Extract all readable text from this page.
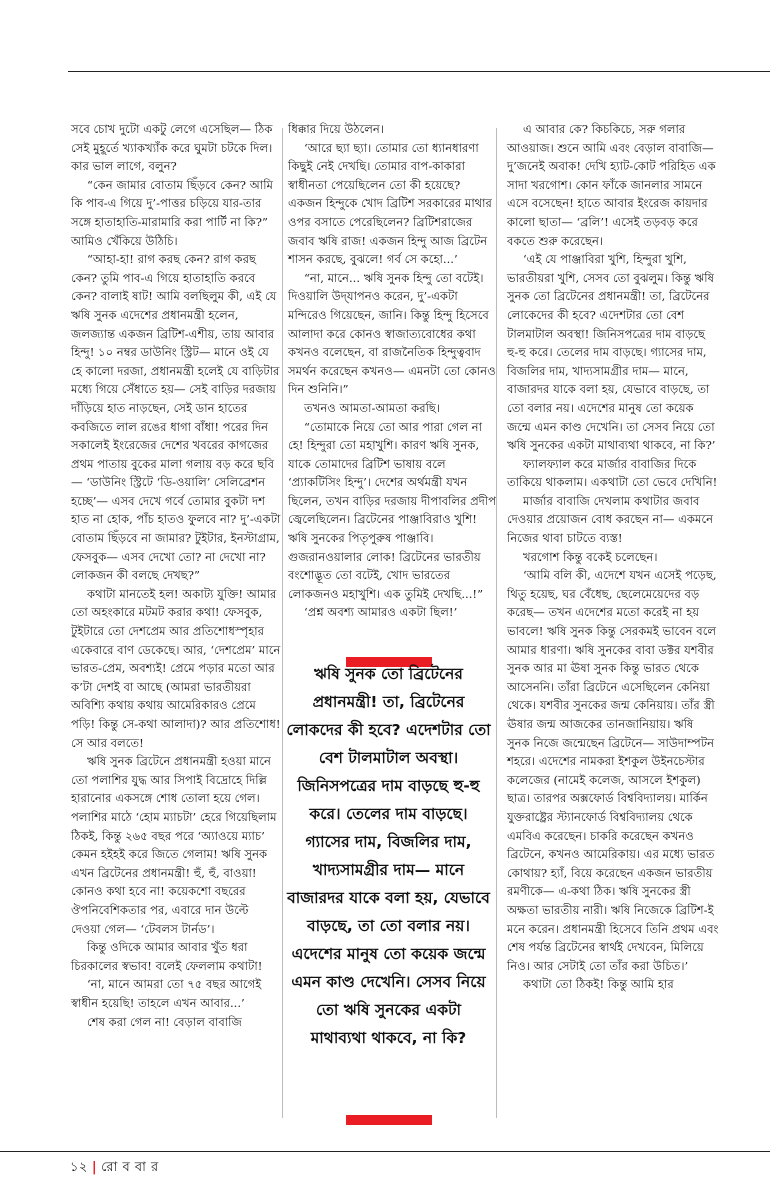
সবে চোখ দুটো একটু লেগে এসেছিল— ঠিক সেই মুহূর্তে খ্যাকখ্যাঁক করে ঘুমটা চটকে দিল। কার ভাল লাগে, বলুন?

“কেন জামার বোতাম ছিঁড়বে কেন? আমি কি পাব-এ গিয়ে দু’-পাত্তর চড়িয়ে যার-তার সঙ্গে হাতাহাতি-মারামারি করা পার্টি না কি?” আমিও খেঁকিয়ে উঠিচি।

“আহা-হা! রাগ করছ কেন? রাগ করছ কেন? তুমি পাব-এ গিয়ে হাতাহাতি করবে কেন? বালাই ষাট! আমি বলছিলুম কী, এই যে ঋষি সুনক এদেশের প্রধানমন্ত্রী হলেন, জলজ্যান্ত একজন ব্রিটিশ-এশীয়, তায় আবার হিন্দু! ১০ নম্বর ডাউনিং স্ট্রিট— মানে ওই যে হে কালো দরজা, প্রধানমন্ত্রী হলেই যে বাড়িটার মধ্যে গিয়ে সেঁধাতে হয়— সেই বাড়ির দরজায় দাঁড়িয়ে হাত নাড়ছেন, সেই ডান হাতের কবজিতে লাল রঙের ধাগা বাঁধা! পরের দিন সকালেই ইংরেজের দেশের খবরের কাগজের প্রথম পাতায় বুকের মালা গলায় বড় করে ছবি— ‘ডাউনিং স্ট্রিটে ‘ডি-ওয়ালি’ সেলিব্রেশন হচ্ছে’— এসব দেখে গর্বে তোমার বুকটা দশ হাত না হোক, পাঁচ হাতও ফুলবে না? দু’-একটা বোতাম ছিঁড়বে না জামার? টুইটার, ইনস্টাগ্রাম, ফেসবুক— এসব দেখো তো? না দেখো না? লোকজন কী বলছে দেখছ?”

কথাটা মানতেই হল! অকাট্য যুক্তি! আমার তো অহংকারে মটমট করার কথা! ফেসবুক, টুইটারে তো দেশপ্রেম আর প্রতিশোধস্পৃহার একেবারে বাণ ডেকেছে। আর, ‘দেশপ্রেম’ মানে ভারত-প্রেম, অবশ্যই! প্রেমে পড়ার মতো আর ক’টা দেশই বা আছে (আমরা ভারতীয়রা অবিশ্যি কথায় কথায় আমেরিকারও প্রেমে পড়ি! কিন্তু সে-কথা আলাদা)? আর প্রতিশোধ! সে আর বলতে!

ঋষি সুনক ব্রিটেনে প্রধানমন্ত্রী হওয়া মানে তো পলাশির যুদ্ধ আর সিপাই বিদ্রোহে দিল্লি হারানোর একসঙ্গে শোধ তোলা হয়ে গেল। পলাশির মাঠে ‘হোম ম্যাচটা’ হেরে গিয়েছিলাম ঠিকই, কিন্তু ২৬৫ বছর পরে ‘অ্যাওয়ে ম্যাচ’ কেমন হইহই করে জিতে গেলাম! ঋষি সুনক এখন ব্রিটেনের প্রধানমন্ত্রী! হুঁ, হুঁ, বাওয়া! কোনও কথা হবে না! কয়েকশো বছরের ঔপনিবেশিকতার পর, এবারে দান উল্টে দেওয়া গেল— ‘টেবলস টার্নড’।

কিন্তু ওদিকে আমার আবার খুঁত ধরা চিরকালের স্বভাব! বলেই ফেললাম কথাটা!

‘না, মানে আমরা তো ৭৫ বছর আগেই স্বাধীন হয়েছি! তাহলে এখন আবার...’

শেষ করা গেল না! বেড়াল বাবাজি

ধিক্কার দিয়ে উঠলেন।

‘আরে ছ্যা ছ্যা। তোমার তো ধ্যানধারণা কিছুই নেই দেখছি। তোমার বাপ-কাকারা স্বাধীনতা পেয়েছিলেন তো কী হয়েছে? একজন হিন্দুকে খোদ ব্রিটিশ সরকারের মাথার ওপর বসাতে পেরেছিলেন? ব্রিটিশরাজের জবাব ঋষি রাজ! একজন হিন্দু আজ ব্রিটেন শাসন করছে, বুঝলে! গর্ব সে কহো...’

“না, মানে... ঋষি সুনক হিন্দু তো বটেই। দিওয়ালি উদ্‌যাপনও করেন, দু’-একটা মন্দিরেও গিয়েছেন, জানি। কিন্তু হিন্দু হিসেবে আলাদা করে কোনও স্বাজাত্যবোধের কথা কখনও বলেছেন, বা রাজনৈতিক হিন্দুত্ববাদ সমর্থন করেছেন কখনও— এমনটা তো কোনও দিন শুনিনি।”

তখনও আমতা-আমতা করছি।

“তোমাকে নিয়ে তো আর পারা গেল না হে! হিন্দুরা তো মহাখুশি। কারণ ঋষি সুনক, যাকে তোমাদের ব্রিটিশ ভাষায় বলে ‘প্র্যাকটিসিং হিন্দু’। দেশের অর্থমন্ত্রী যখন ছিলেন, তখন বাড়ির দরজায় দীপাবলির প্রদীপ জ্বেলেছিলেন। ব্রিটেনের পাঞ্জাবিরাও খুশি! ঋষি সুনকের পিতৃপুরুষ পাঞ্জাবি। গুজরানওয়ালার লোক! ব্রিটেনের ভারতীয় বংশোদ্ভূত তো বটেই, খোদ ভারতের লোকজনও মহাখুশি। এক তুমিই দেখছি...!”

‘প্রশ্ন অবশ্য আমারও একটা ছিল!’

ঋষি সুনক তো ব্রিটেনের প্রধানমন্ত্রী! তা, ব্রিটেনের লোকদের কী হবে? এদেশটার তো বেশ টালমাটাল অবস্থা। জিনিসপত্রের দাম বাড়ছে হু-হু করে। তেলের দাম বাড়ছে। গ্যাসের দাম, বিজলির দাম, খাদ্যসামগ্রীর দাম— মানে বাজারদর যাকে বলা হয়, যেভাবে বাড়ছে, তা তো বলার নয়। এদেশের মানুষ তো কয়েক জন্মে এমন কাণ্ড দেখেনি। সেসব নিয়ে তো ঋষি সুনকের একটা মাথাব্যথা থাকবে, না কি?

এ আবার কে? কিচকিচে, সরু গলার আওয়াজ। শুনে আমি এবং বেড়াল বাবাজি— দু’জনেই অবাক! দেখি হ্যাট-কোট পরিহিত এক সাদা খরগোশ। কোন ফাঁকে জানলার সামনে এসে বসেছেন! হাতে আবার ইংরেজ কায়দার কালো ছাতা— ‘ব্রলি’! এসেই তড়বড় করে বকতে শুরু করেছেন।

‘এই যে পাঞ্জাবিরা খুশি, হিন্দুরা খুশি, ভারতীয়রা খুশি, সেসব তো বুঝলুম। কিন্তু ঋষি সুনক তো ব্রিটেনের প্রধানমন্ত্রী! তা, ব্রিটেনের লোকেদের কী হবে? এদেশটার তো বেশ টালমাটাল অবস্থা! জিনিসপত্রের দাম বাড়ছে হু-হু করে। তেলের দাম বাড়ছে। গ্যাসের দাম, বিজলির দাম, খাদ্যসামগ্রীর দাম— মানে, বাজারদর যাকে বলা হয়, যেভাবে বাড়ছে, তা তো বলার নয়। এদেশের মানুষ তো কয়েক জন্মে এমন কাণ্ড দেখেনি। তা সেসব নিয়ে তো ঋষি সুনকের একটা মাথাব্যথা থাকবে, না কি?’

ফ্যালফ্যাল করে মার্জার বাবাজির দিকে তাকিয়ে থাকলাম। একথাটা তো ভেবে দেখিনি!

মার্জার বাবাজি দেখলাম কথাটার জবাব দেওয়ার প্রয়োজন বোধ করছেন না— একমনে নিজের থাবা চাটতে ব্যস্ত!

খরগোশ কিন্তু বকেই চলেছেন।

‘আমি বলি কী, এদেশে যখন এসেই পড়েছ, থিতু হয়েছ, ঘর বেঁধেছ, ছেলেমেয়েদের বড় করেছ— তখন এদেশের মতো করেই না হয় ভাবলে! ঋষি সুনক কিন্তু সেরকমই ভাবেন বলে আমার ধারণা। ঋষি সুনকের বাবা ডক্টর যশবীর সুনক আর মা ঊষা সুনক কিন্তু ভারত থেকে আসেননি। তাঁরা ব্রিটেনে এসেছিলেন কেনিয়া থেকে। যশবীর সুনকের জন্ম কেনিয়ায়। তাঁর স্ত্রী ঊষার জন্ম আজকের তানজানিয়ায়। ঋষি সুনক নিজে জন্মেছেন ব্রিটেনে— সাউদাম্পটন শহরে। এদেশের নামকরা ইশকুল উইনচেস্টার কলেজের (নামেই কলেজ, আসলে ইশকুল) ছাত্র। তারপর অক্সফোর্ড বিশ্ববিদ্যালয়। মার্কিন যুক্তরাষ্ট্রের স্ট্যানফোর্ড বিশ্ববিদ্যালয় থেকে এমবিএ করেছেন। চাকরি করেছেন কখনও ব্রিটেনে, কখনও আমেরিকায়। এর মধ্যে ভারত কোথায়? হ্যাঁ, বিয়ে করেছেন একজন ভারতীয় রমণীকে— এ-কথা ঠিক। ঋষি সুনকের স্ত্রী অক্ষতা ভারতীয় নারী। ঋষি নিজেকে ব্রিটিশ-ই মনে করেন। প্রধানমন্ত্রী হিসেবে তিনি প্রথম এবং শেষ পর্যন্ত ব্রিটেনের স্বার্থই দেখবেন, মিলিয়ে নিও। আর সেটাই তো তাঁর করা উচিত।’

কথাটা তো ঠিকই! কিন্তু আমি হার

১২ | রো ব বা র
